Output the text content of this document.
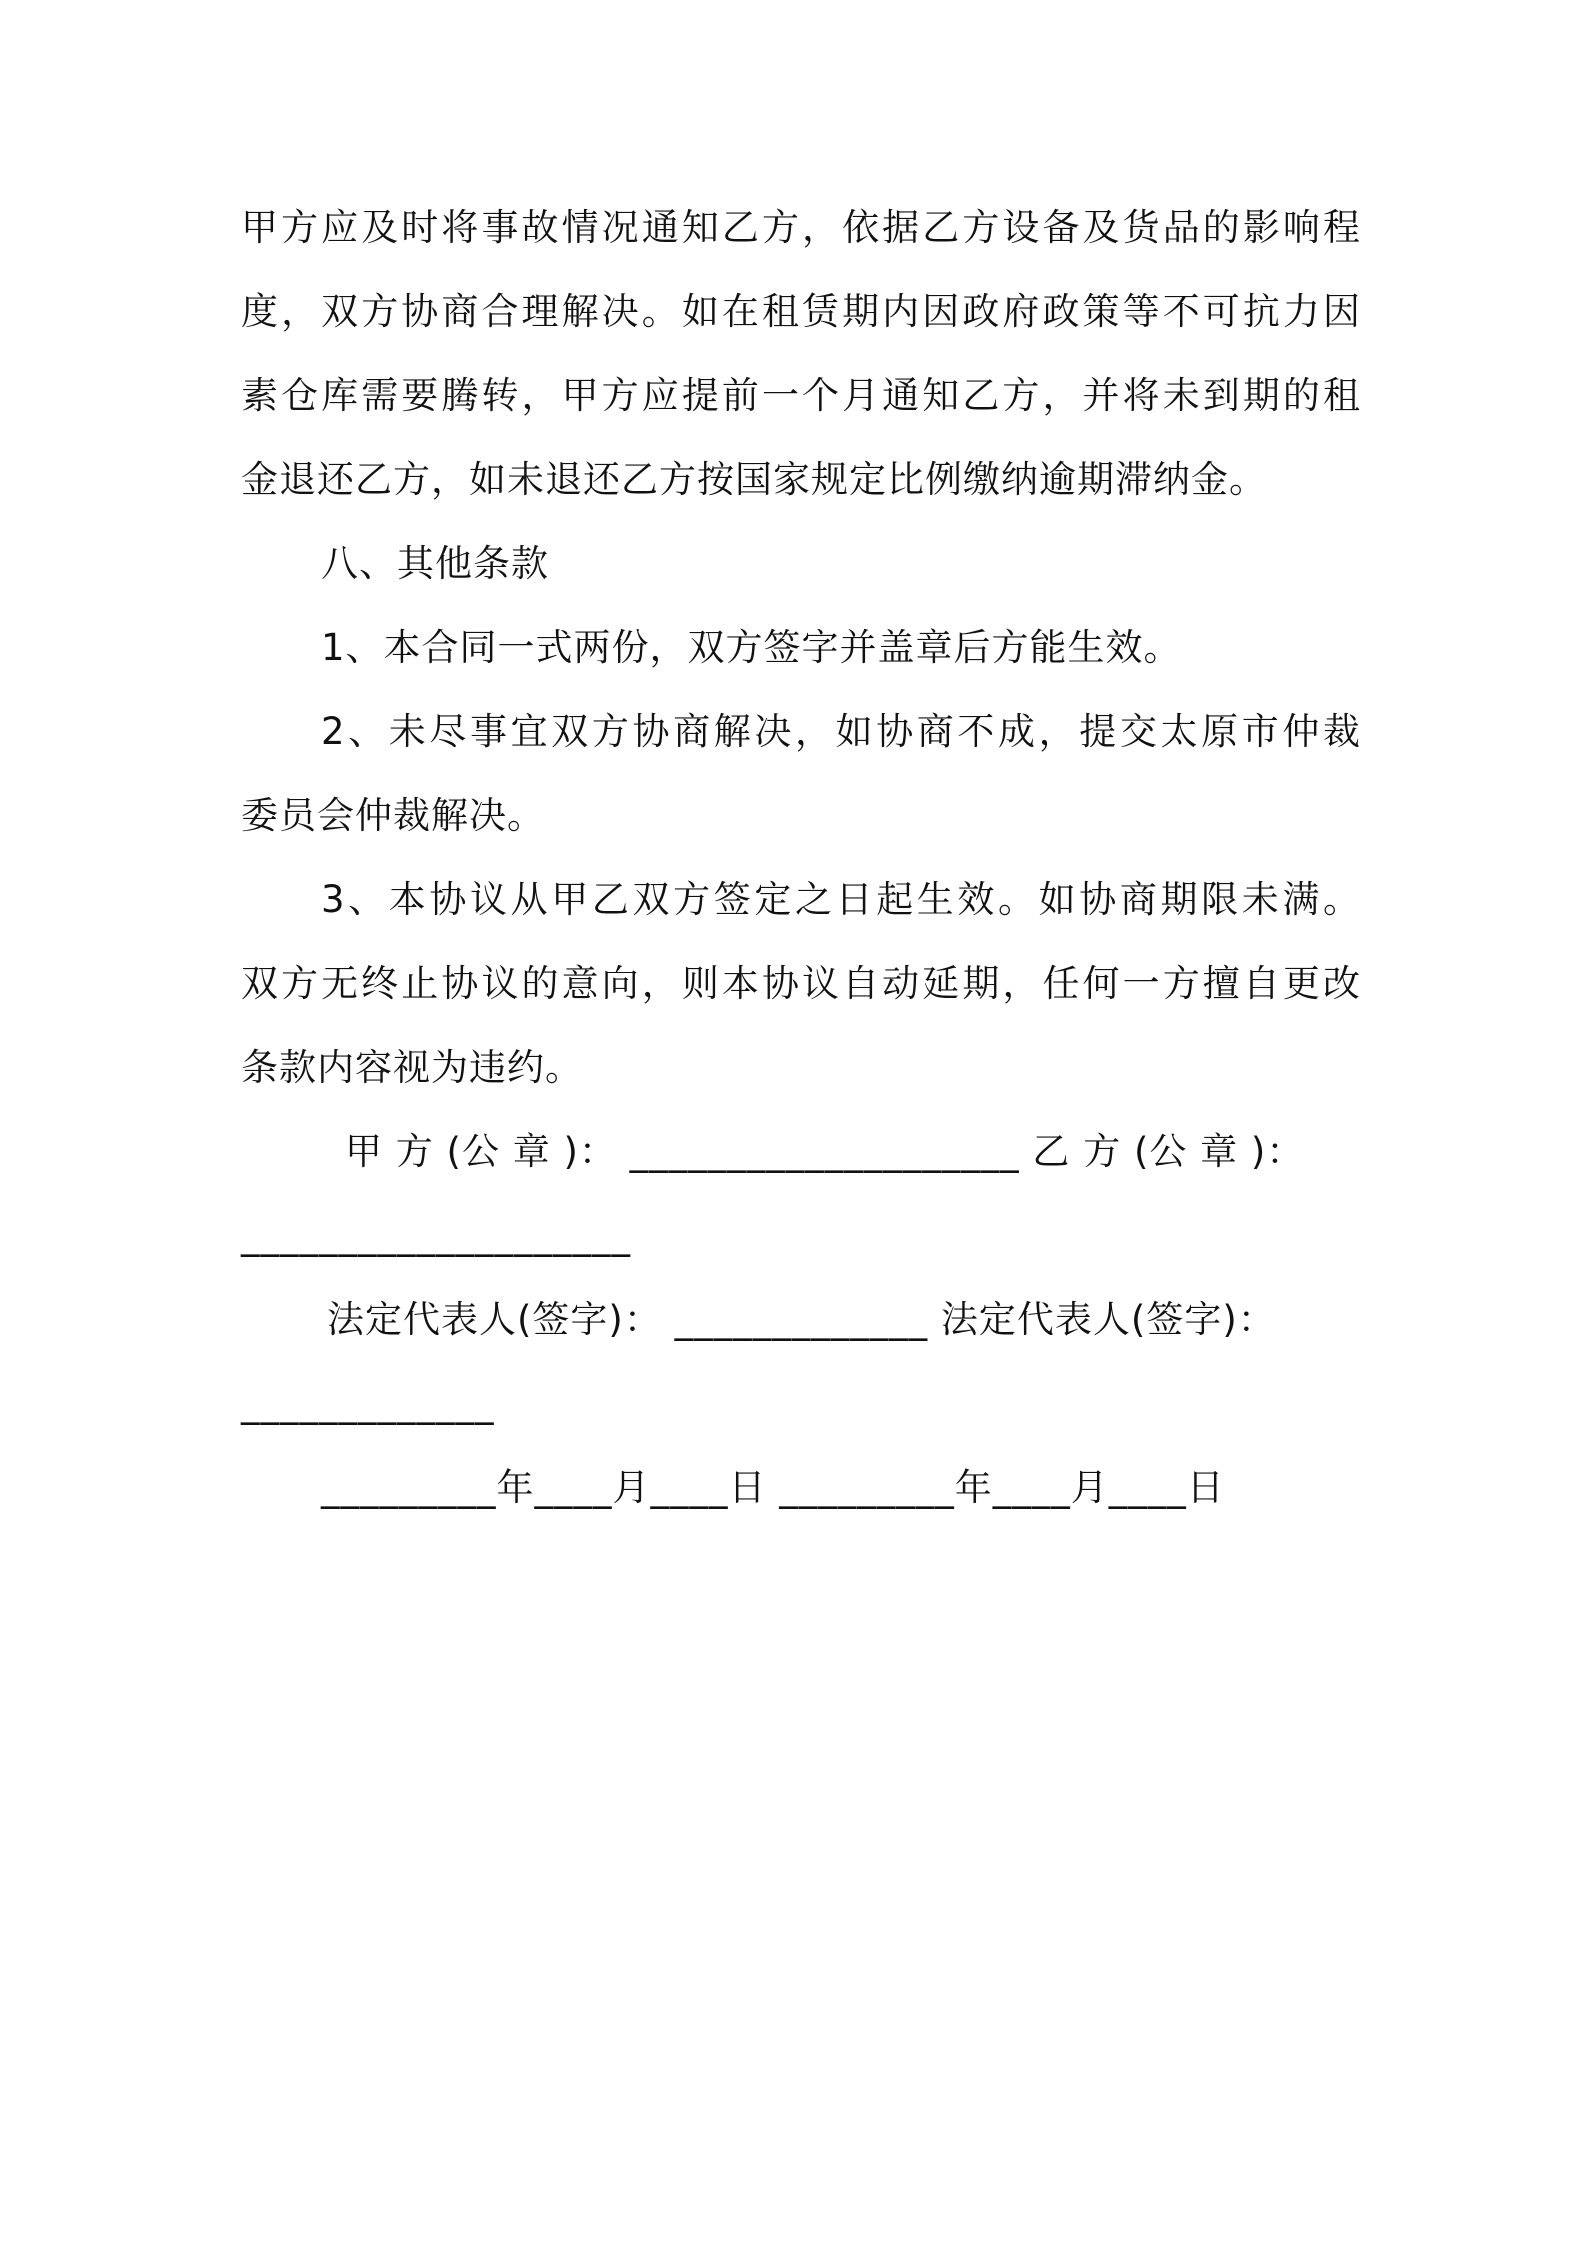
甲方应及时将事故情况通知乙方，依据乙方设备及货品的影响程
度，双方协商合理解决。如在租赁期内因政府政策等不可抗力因
素仓库需要腾转，甲方应提前一个月通知乙方，并将未到期的租
金退还乙方，如未退还乙方按国家规定比例缴纳逾期滞纳金。
八、其他条款
1、本合同一式两份，双方签字并盖章后方能生效。
2、未尽事宜双方协商解决，如协商不成，提交太原市仲裁
委员会仲裁解决。
3、本协议从甲乙双方签定之日起生效。如协商期限未满。
双方无终止协议的意向，则本协议自动延期，任何一方擅自更改
条款内容视为违约。
甲 方 (公 章 )： ____________________ 乙 方 (公 章 )：
____________________
法定代表人(签字)： _____________ 法定代表人(签字)：
_____________
_________年____月____日 _________年____月____日
